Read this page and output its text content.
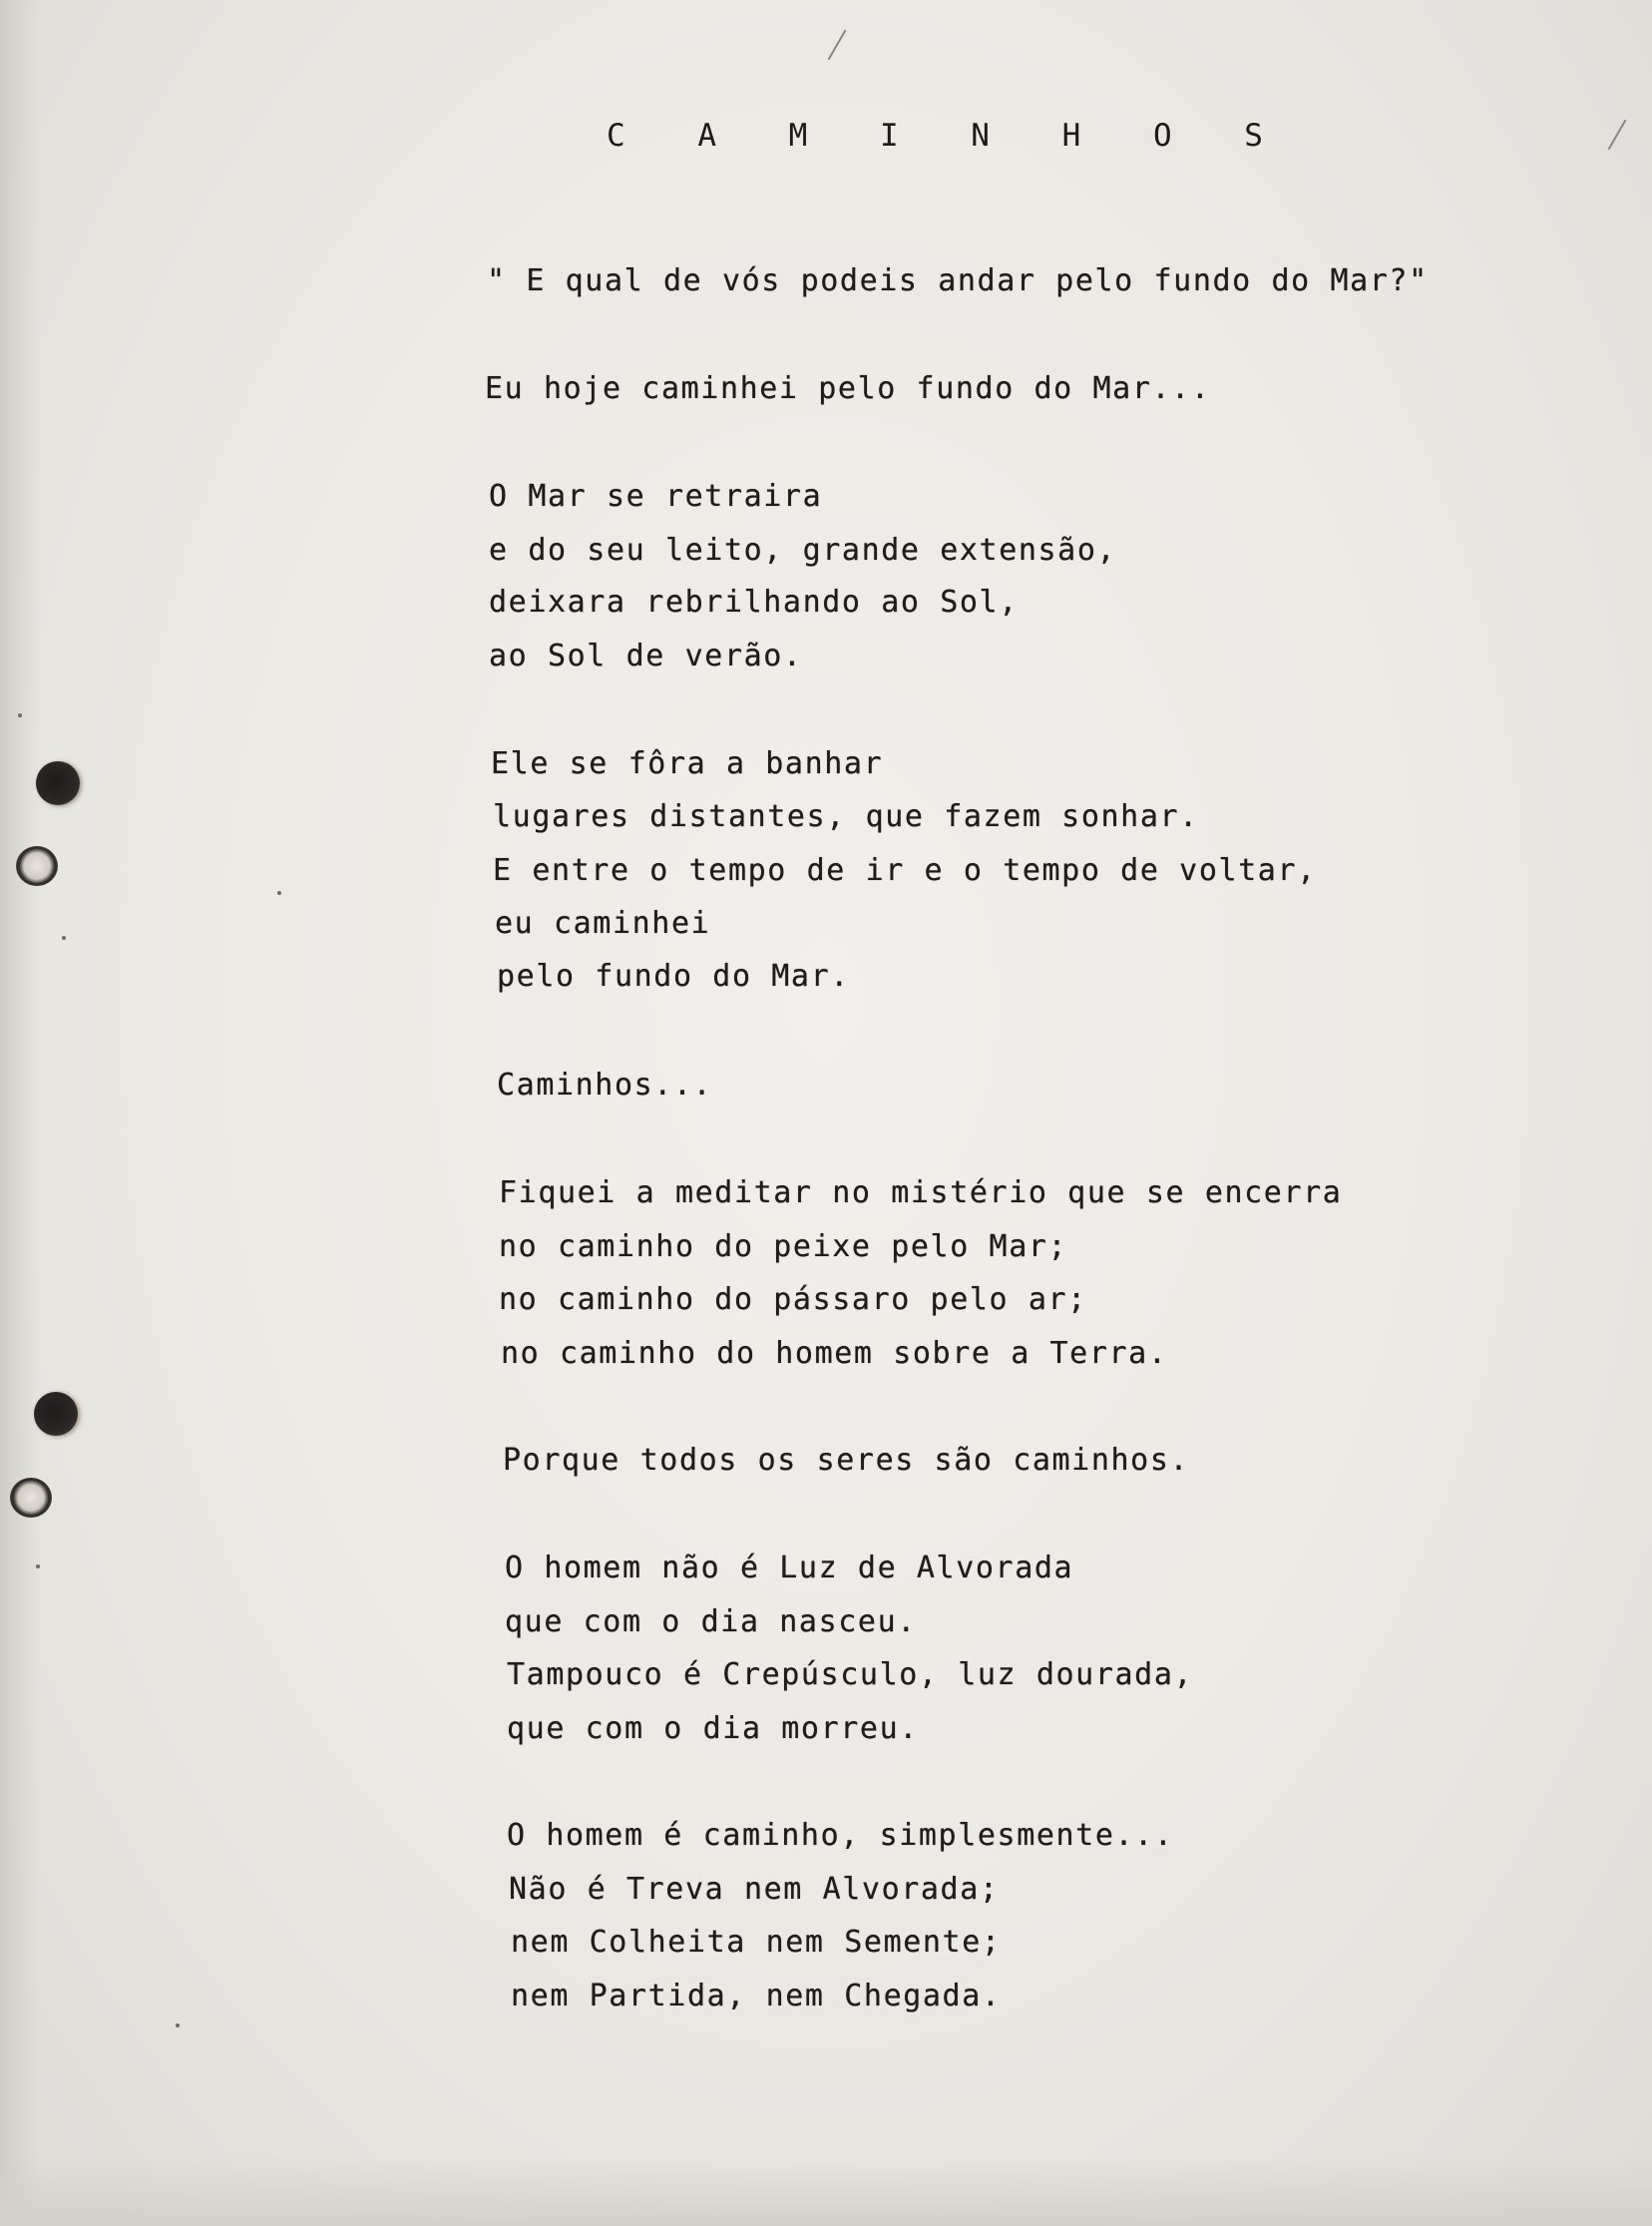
C A M I N H O S
" E qual de vós podeis andar pelo fundo do Mar?"
Eu hoje caminhei pelo fundo do Mar...
O Mar se retraira
e do seu leito, grande extensão,
deixara rebrilhando ao Sol,
ao Sol de verão.
Ele se fôra a banhar
lugares distantes, que fazem sonhar.
E entre o tempo de ir e o tempo de voltar,
eu caminhei
pelo fundo do Mar.
Caminhos...
Fiquei a meditar no mistério que se encerra
no caminho do peixe pelo Mar;
no caminho do pássaro pelo ar;
no caminho do homem sobre a Terra.
Porque todos os seres são caminhos.
O homem não é Luz de Alvorada
que com o dia nasceu.
Tampouco é Crepúsculo, luz dourada,
que com o dia morreu.
O homem é caminho, simplesmente...
Não é Treva nem Alvorada;
nem Colheita nem Semente;
nem Partida, nem Chegada.
